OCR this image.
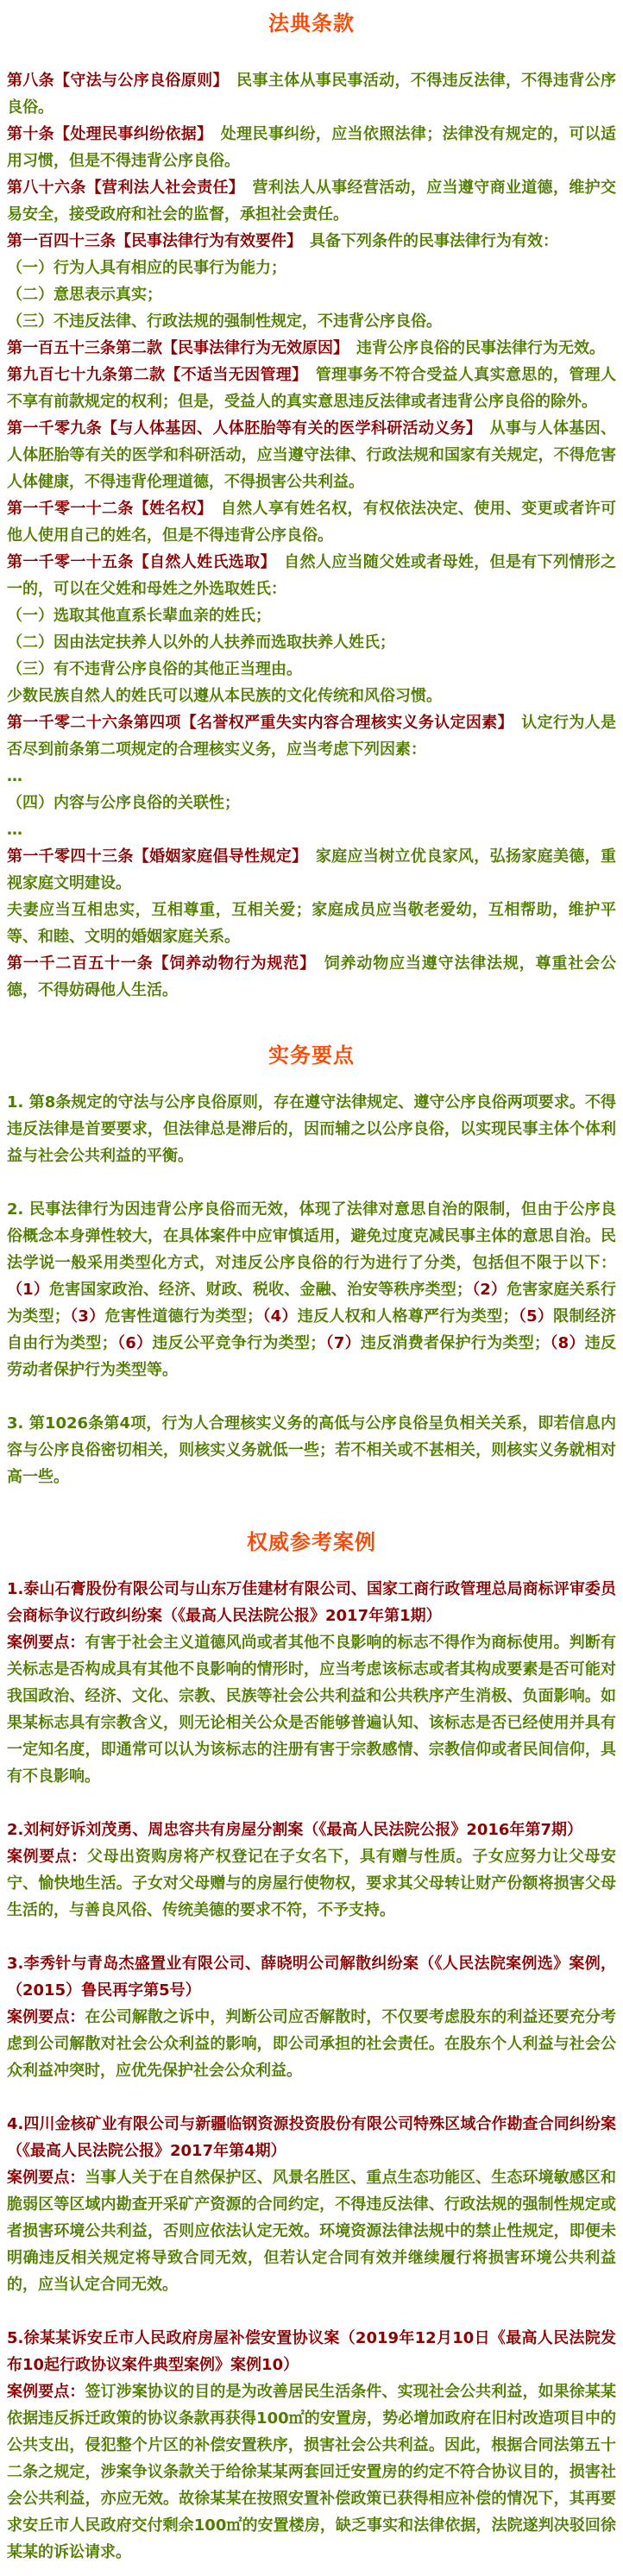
法典条款

第八条【守法与公序良俗原则】　民事主体从事民事活动，不得违反法律，不得违背公序良俗。

第十条【处理民事纠纷依据】　处理民事纠纷，应当依照法律；法律没有规定的，可以适用习惯，但是不得违背公序良俗。

第八十六条【营利法人社会责任】　营利法人从事经营活动，应当遵守商业道德，维护交易安全，接受政府和社会的监督，承担社会责任。

第一百四十三条【民事法律行为有效要件】　具备下列条件的民事法律行为有效：

（一）行为人具有相应的民事行为能力；

（二）意思表示真实；

（三）不违反法律、行政法规的强制性规定，不违背公序良俗。

第一百五十三条第二款【民事法律行为无效原因】　违背公序良俗的民事法律行为无效。

第九百七十九条第二款【不适当无因管理】　管理事务不符合受益人真实意思的，管理人不享有前款规定的权利；但是，受益人的真实意思违反法律或者违背公序良俗的除外。

第一千零九条【与人体基因、人体胚胎等有关的医学科研活动义务】　从事与人体基因、人体胚胎等有关的医学和科研活动，应当遵守法律、行政法规和国家有关规定，不得危害人体健康，不得违背伦理道德，不得损害公共利益。

第一千零一十二条【姓名权】　自然人享有姓名权，有权依法决定、使用、变更或者许可他人使用自己的姓名，但是不得违背公序良俗。

第一千零一十五条【自然人姓氏选取】　自然人应当随父姓或者母姓，但是有下列情形之一的，可以在父姓和母姓之外选取姓氏：

（一）选取其他直系长辈血亲的姓氏；

（二）因由法定扶养人以外的人扶养而选取扶养人姓氏；

（三）有不违背公序良俗的其他正当理由。

少数民族自然人的姓氏可以遵从本民族的文化传统和风俗习惯。

第一千零二十六条第四项【名誉权严重失实内容合理核实义务认定因素】　认定行为人是否尽到前条第二项规定的合理核实义务，应当考虑下列因素：

…

（四）内容与公序良俗的关联性；

…

第一千零四十三条【婚姻家庭倡导性规定】　家庭应当树立优良家风，弘扬家庭美德，重视家庭文明建设。

夫妻应当互相忠实，互相尊重，互相关爱；家庭成员应当敬老爱幼，互相帮助，维护平等、和睦、文明的婚姻家庭关系。

第一千二百五十一条【饲养动物行为规范】　饲养动物应当遵守法律法规，尊重社会公德，不得妨碍他人生活。

实务要点

1. 第8条规定的守法与公序良俗原则，存在遵守法律规定、遵守公序良俗两项要求。不得违反法律是首要要求，但法律总是滞后的，因而辅之以公序良俗，以实现民事主体个体利益与社会公共利益的平衡。

2. 民事法律行为因违背公序良俗而无效，体现了法律对意思自治的限制，但由于公序良俗概念本身弹性较大，在具体案件中应审慎适用，避免过度克减民事主体的意思自治。民法学说一般采用类型化方式，对违反公序良俗的行为进行了分类，包括但不限于以下：（1）危害国家政治、经济、财政、税收、金融、治安等秩序类型；（2）危害家庭关系行为类型；（3）危害性道德行为类型；（4）违反人权和人格尊严行为类型；（5）限制经济自由行为类型；（6）违反公平竞争行为类型；（7）违反消费者保护行为类型；（8）违反劳动者保护行为类型等。

3. 第1026条第4项，行为人合理核实义务的高低与公序良俗呈负相关关系，即若信息内容与公序良俗密切相关，则核实义务就低一些；若不相关或不甚相关，则核实义务就相对高一些。

权威参考案例

1.泰山石膏股份有限公司与山东万佳建材有限公司、国家工商行政管理总局商标评审委员会商标争议行政纠纷案（《最高人民法院公报》2017年第1期）

案例要点：有害于社会主义道德风尚或者其他不良影响的标志不得作为商标使用。判断有关标志是否构成具有其他不良影响的情形时，应当考虑该标志或者其构成要素是否可能对我国政治、经济、文化、宗教、民族等社会公共利益和公共秩序产生消极、负面影响。如果某标志具有宗教含义，则无论相关公众是否能够普遍认知、该标志是否已经使用并具有一定知名度，即通常可以认为该标志的注册有害于宗教感情、宗教信仰或者民间信仰，具有不良影响。

2.刘柯妤诉刘茂勇、周忠容共有房屋分割案（《最高人民法院公报》2016年第7期）

案例要点：父母出资购房将产权登记在子女名下，具有赠与性质。子女应努力让父母安宁、愉快地生活。子女对父母赠与的房屋行使物权，要求其父母转让财产份额将损害父母生活的，与善良风俗、传统美德的要求不符，不予支持。

3.李秀针与青岛杰盛置业有限公司、薛晓明公司解散纠纷案（《人民法院案例选》案例，（2015）鲁民再字第5号）

案例要点：在公司解散之诉中，判断公司应否解散时，不仅要考虑股东的利益还要充分考虑到公司解散对社会公众利益的影响，即公司承担的社会责任。在股东个人利益与社会公众利益冲突时，应优先保护社会公众利益。

4.四川金核矿业有限公司与新疆临钢资源投资股份有限公司特殊区域合作勘查合同纠纷案（《最高人民法院公报》2017年第4期）

案例要点：当事人关于在自然保护区、风景名胜区、重点生态功能区、生态环境敏感区和脆弱区等区域内勘查开采矿产资源的合同约定，不得违反法律、行政法规的强制性规定或者损害环境公共利益，否则应依法认定无效。环境资源法律法规中的禁止性规定，即便未明确违反相关规定将导致合同无效，但若认定合同有效并继续履行将损害环境公共利益的，应当认定合同无效。

5.徐某某诉安丘市人民政府房屋补偿安置协议案（2019年12月10日《最高人民法院发布10起行政协议案件典型案例》案例10）

案例要点：签订涉案协议的目的是为改善居民生活条件、实现社会公共利益，如果徐某某依据违反拆迁政策的协议条款再获得100㎡的安置房，势必增加政府在旧村改造项目中的公共支出，侵犯整个片区的补偿安置秩序，损害社会公共利益。因此，根据合同法第五十二条之规定，涉案争议条款关于给徐某某两套回迁安置房的约定不符合协议目的，损害社会公共利益，亦应无效。故徐某某在按照安置补偿政策已获得相应补偿的情况下，其再要求安丘市人民政府交付剩余100㎡的安置楼房，缺乏事实和法律依据，法院遂判决驳回徐某某的诉讼请求。
